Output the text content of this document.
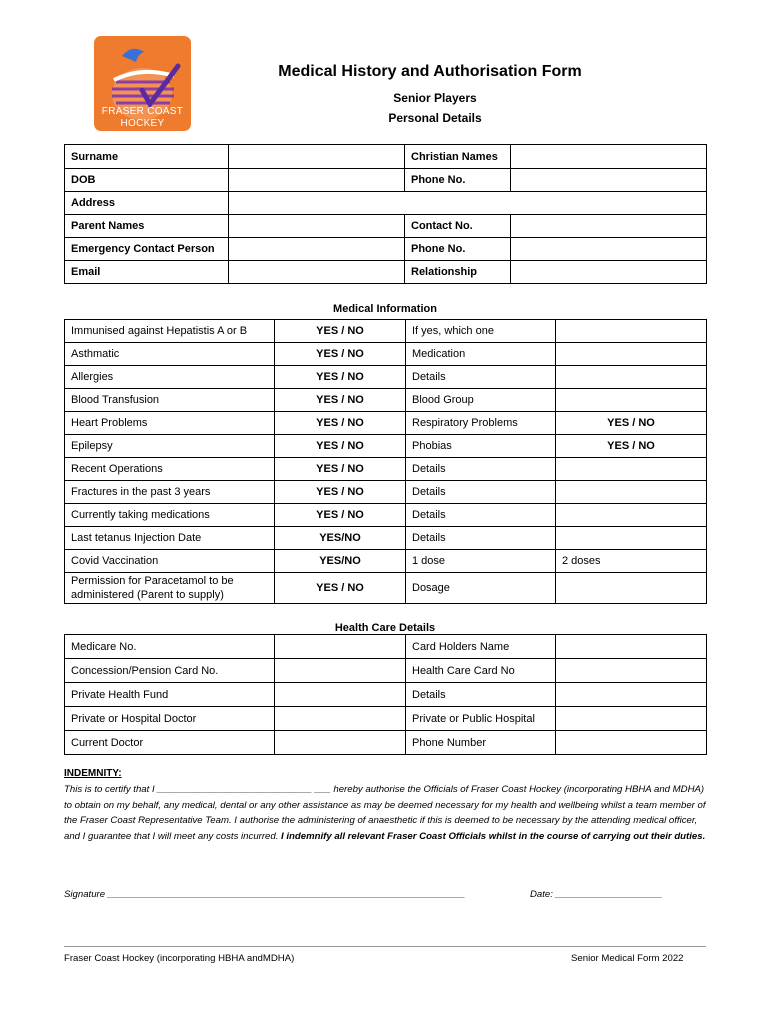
FRASER COAST
HOCKEY
Medical History and Authorisation Form
Senior Players
Personal Details
Surname		Christian Names	
DOB		Phone No.	
Address			
Parent Names		Contact No.	
Emergency Contact Person		Phone No.	
Email		Relationship	
Medical Information
Immunised against Hepatistis A or B	YES / NO	If yes, which one	
Asthmatic	YES / NO	Medication	
Allergies	YES / NO	Details	
Blood Transfusion	YES / NO	Blood Group	
Heart Problems	YES / NO	Respiratory Problems	YES / NO
Epilepsy	YES / NO	Phobias	YES / NO
Recent Operations	YES / NO	Details	
Fractures in the past 3 years	YES / NO	Details	
Currently taking medications	YES / NO	Details	
Last tetanus Injection Date	YES/NO	Details	
Covid Vaccination	YES/NO	1 dose	2 doses
Permission for Paracetamol to be administered (Parent to supply)	YES / NO	Dosage	
Health Care Details
Medicare No.		Card Holders Name	
Concession/Pension Card No.		Health Care Card No	
Private Health Fund		Details	
Private or Hospital Doctor		Private or Public Hospital	
Current Doctor		Phone Number	
INDEMNITY:
This is to certify that I _____________________________ ___ hereby authorise the Officials of Fraser Coast Hockey (incorporating HBHA and MDHA) to obtain on my behalf, any medical, dental or any other assistance as may be deemed necessary for my health and wellbeing whilst a team member of the Fraser Coast Representative Team. I authorise the administering of anaesthetic if this is deemed to be necessary by the attending medical officer, and I guarantee that I will meet any costs incurred. I indemnify all relevant Fraser Coast Officials whilst in the course of carrying out their duties.
Signature ___________________________________________________________________	Date: ____________________
Fraser Coast Hockey (incorporating HBHA andMDHA)	Senior Medical Form 2022
